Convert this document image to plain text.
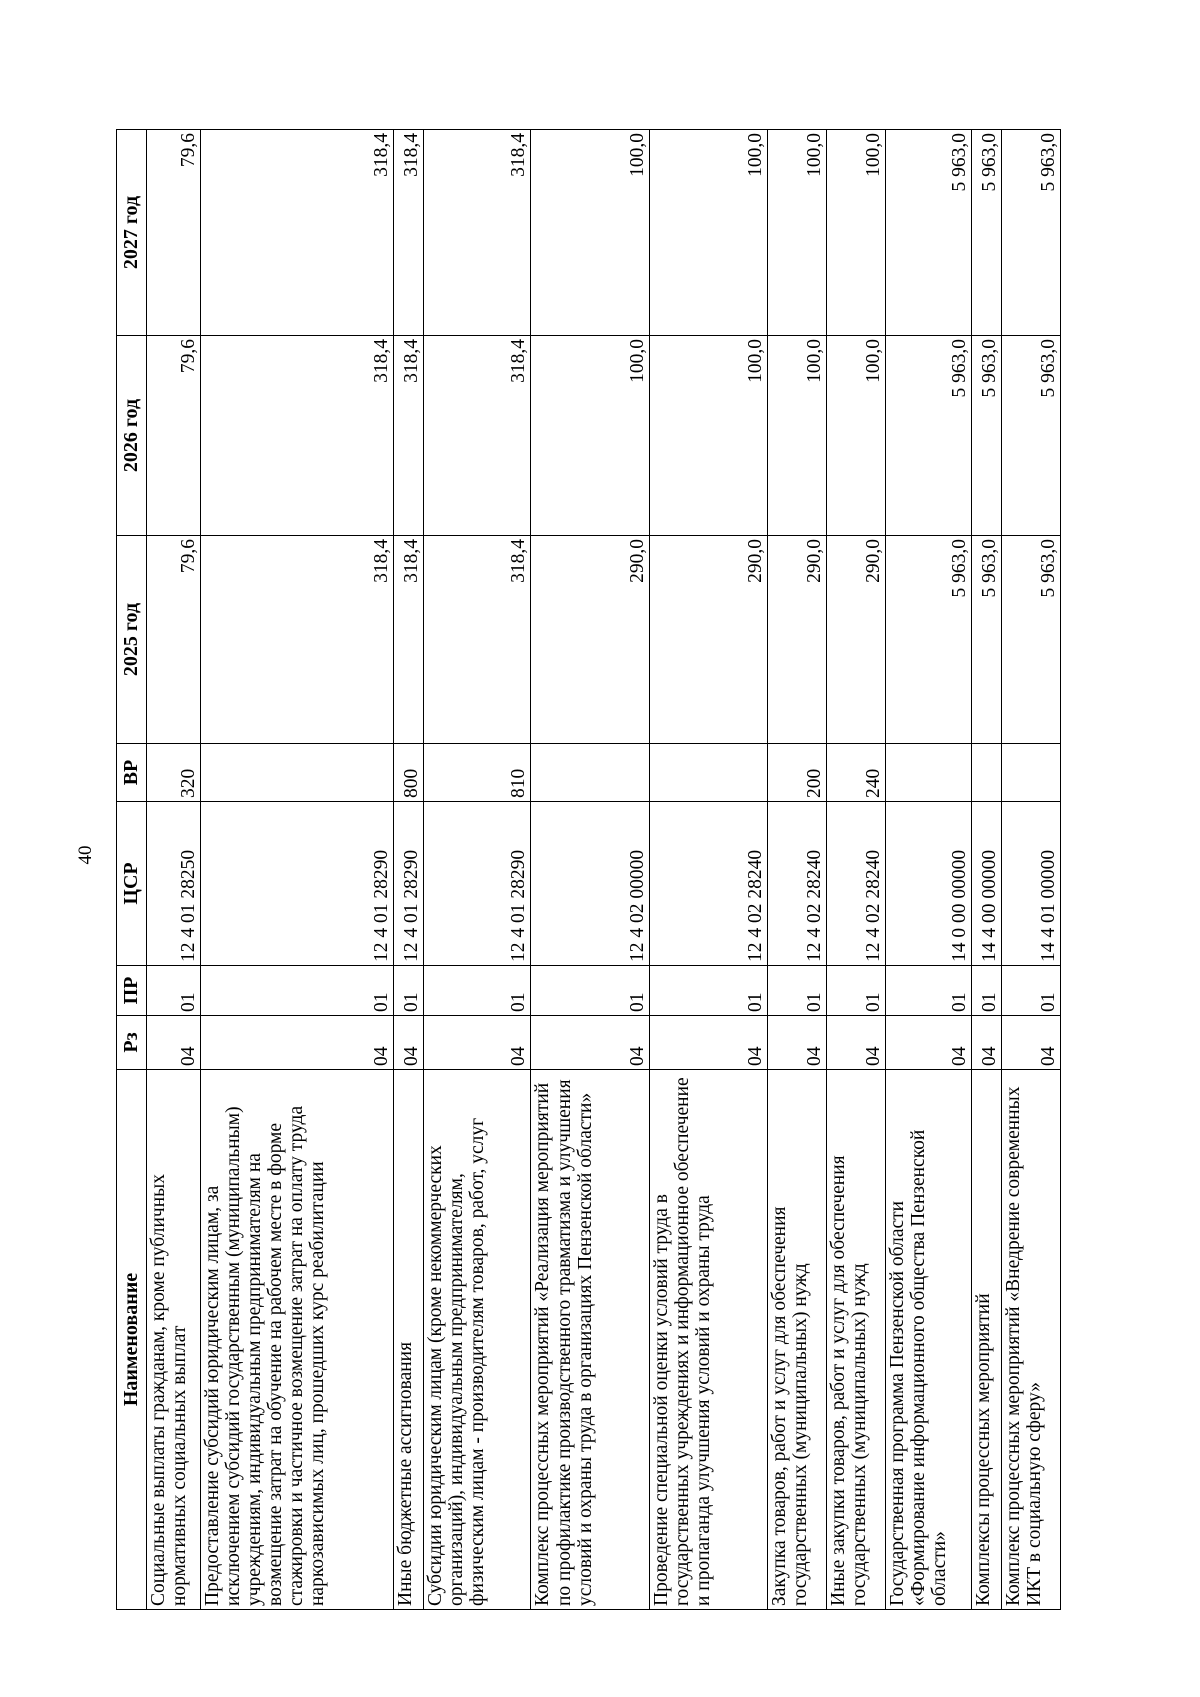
40
Наименование	Рз	ПР	ЦСР	ВР	2025 год	2026 год	2027 год
Социальные выплаты гражданам, кроме публичных нормативных социальных выплат	04	01	12 4 01 28250	320	79,6	79,6	79,6
Предоставление субсидий юридическим лицам, за исключением субсидий государственным (муниципальным) учреждениям, индивидуальным предпринимателям на возмещение затрат на обучение на рабочем месте в форме стажировки и частичное возмещение затрат на оплату труда наркозависимых лиц, прошедших курс реабилитации	04	01	12 4 01 28290		318,4	318,4	318,4
Иные бюджетные ассигнования	04	01	12 4 01 28290	800	318,4	318,4	318,4
Субсидии юридическим лицам (кроме некоммерческих организаций), индивидуальным предпринимателям, физическим лицам - производителям товаров, работ, услуг	04	01	12 4 01 28290	810	318,4	318,4	318,4
Комплекс процессных мероприятий «Реализация мероприятий по профилактике производственного травматизма и улучшения условий и охраны труда в организациях Пензенской области»	04	01	12 4 02 00000		290,0	100,0	100,0
Проведение специальной оценки условий труда в государственных учреждениях и информационное обеспечение и пропаганда улучшения условий и охраны труда	04	01	12 4 02 28240		290,0	100,0	100,0
Закупка товаров, работ и услуг для обеспечения государственных (муниципальных) нужд	04	01	12 4 02 28240	200	290,0	100,0	100,0
Иные закупки товаров, работ и услуг для обеспечения государственных (муниципальных) нужд	04	01	12 4 02 28240	240	290,0	100,0	100,0
Государственная программа Пензенской области «Формирование информационного общества Пензенской области»	04	01	14 0 00 00000		5 963,0	5 963,0	5 963,0
Комплексы процессных мероприятий	04	01	14 4 00 00000		5 963,0	5 963,0	5 963,0
Комплекс процессных мероприятий «Внедрение современных ИКТ в социальную сферу»	04	01	14 4 01 00000		5 963,0	5 963,0	5 963,0
